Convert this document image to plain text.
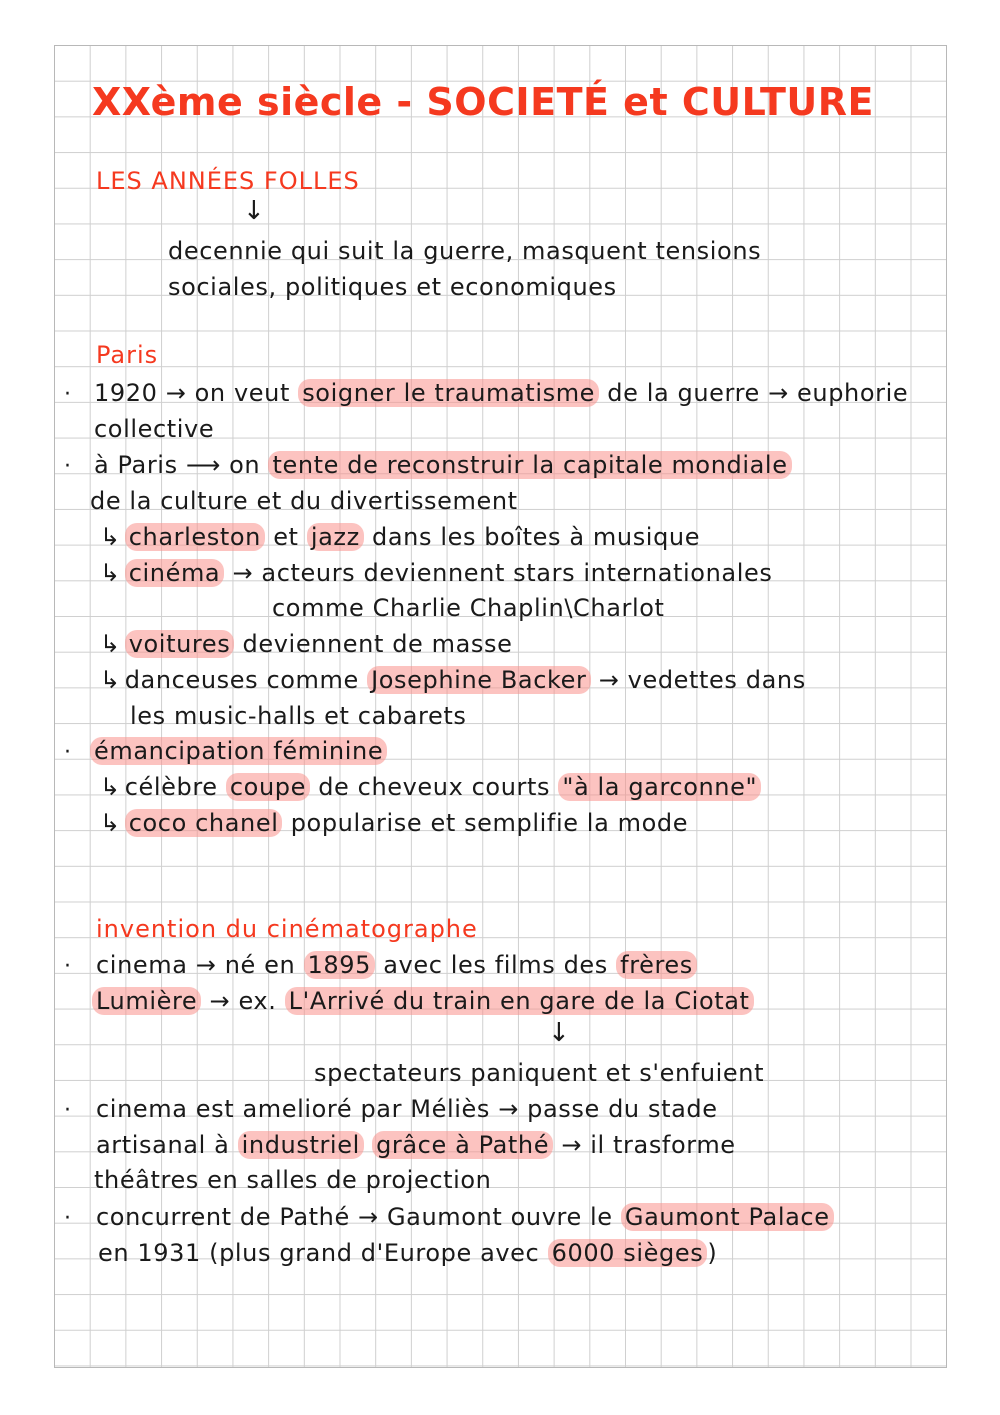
XXème siècle - SOCIETÉ et CULTURE
LES ANNÉES FOLLES
↓
decennie qui suit la guerre, masquent tensions
sociales, politiques et economiques
Paris
· 1920 → on veut soigner le traumatisme de la guerre → euphorie
collective
· à Paris ⟶ on tente de reconstruir la capitale mondiale
de la culture et du divertissement
↳ charleston et jazz dans les boîtes à musique
↳ cinéma → acteurs deviennent stars internationales
comme Charlie Chaplin\Charlot
↳ voitures deviennent de masse
↳ danceuses comme Josephine Backer → vedettes dans
les music-halls et cabarets
· émancipation féminine
↳ célèbre coupe de cheveux courts "à la garconne"
↳ coco chanel popularise et semplifie la mode
invention du cinématographe
· cinema → né en 1895 avec les films des frères
Lumière → ex. L'Arrivé du train en gare de la Ciotat
↓
spectateurs paniquent et s'enfuient
· cinema est amelioré par Méliès → passe du stade
artisanal à industriel grâce à Pathé → il trasforme
théâtres en salles de projection
· concurrent de Pathé → Gaumont ouvre le Gaumont Palace
en 1931 (plus grand d'Europe avec 6000 sièges )
